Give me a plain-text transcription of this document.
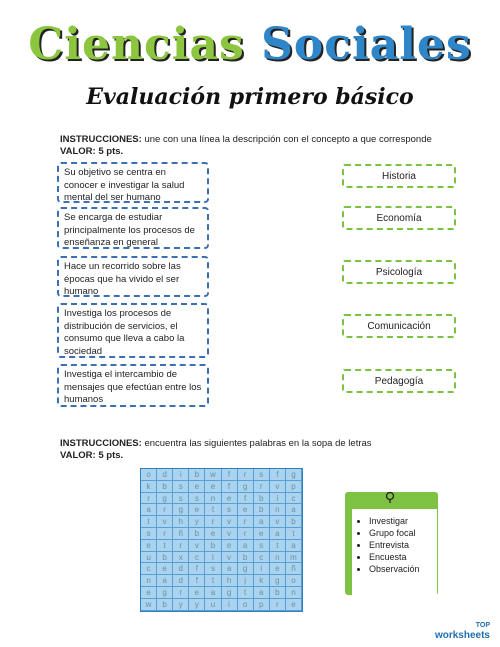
Ciencias Sociales
Evaluación primero básico
INSTRUCCIONES: une con una línea la descripción con el concepto a que corresponde
VALOR: 5 pts.
Su objetivo se centra en conocer e investigar la salud mental del ser humano
Se encarga de estudiar principalmente los procesos de enseñanza en general
Hace un recorrido sobre las épocas que ha vivido el ser humano
Investiga los procesos de distribución de servicios, el consumo que lleva a cabo la sociedad
Investiga el intercambio de mensajes que efectúan entre los humanos
Historia
Economía
Psicología
Comunicación
Pedagogía
INSTRUCCIONES: encuentra las siguientes palabras en la sopa de letras
VALOR: 5 pts.
o	d	i	b	w	f	r	s	f	g
k	b	s	e	e	f	g	r	v	p
r	g	s	s	n	e	f	b	i	c
a	r	g	e	t	s	e	b	n	a
t	v	h	y	r	v	r	a	v	b
s	r	ñ	b	e	v	r	e	a	t
e	t	r	v	b	e	a	s	t	a
u	b	x	c	l	v	b	c	n	m
c	e	d	f	s	a	g	i	e	ñ
n	a	d	f	t	h	j	k	g	o
e	g	r	e	a	g	t	a	b	n
w	b	y	y	u	i	o	p	r	e
• Investigar
• Grupo focal
• Entrevista
• Encuesta
• Observación
TOP
worksheets
